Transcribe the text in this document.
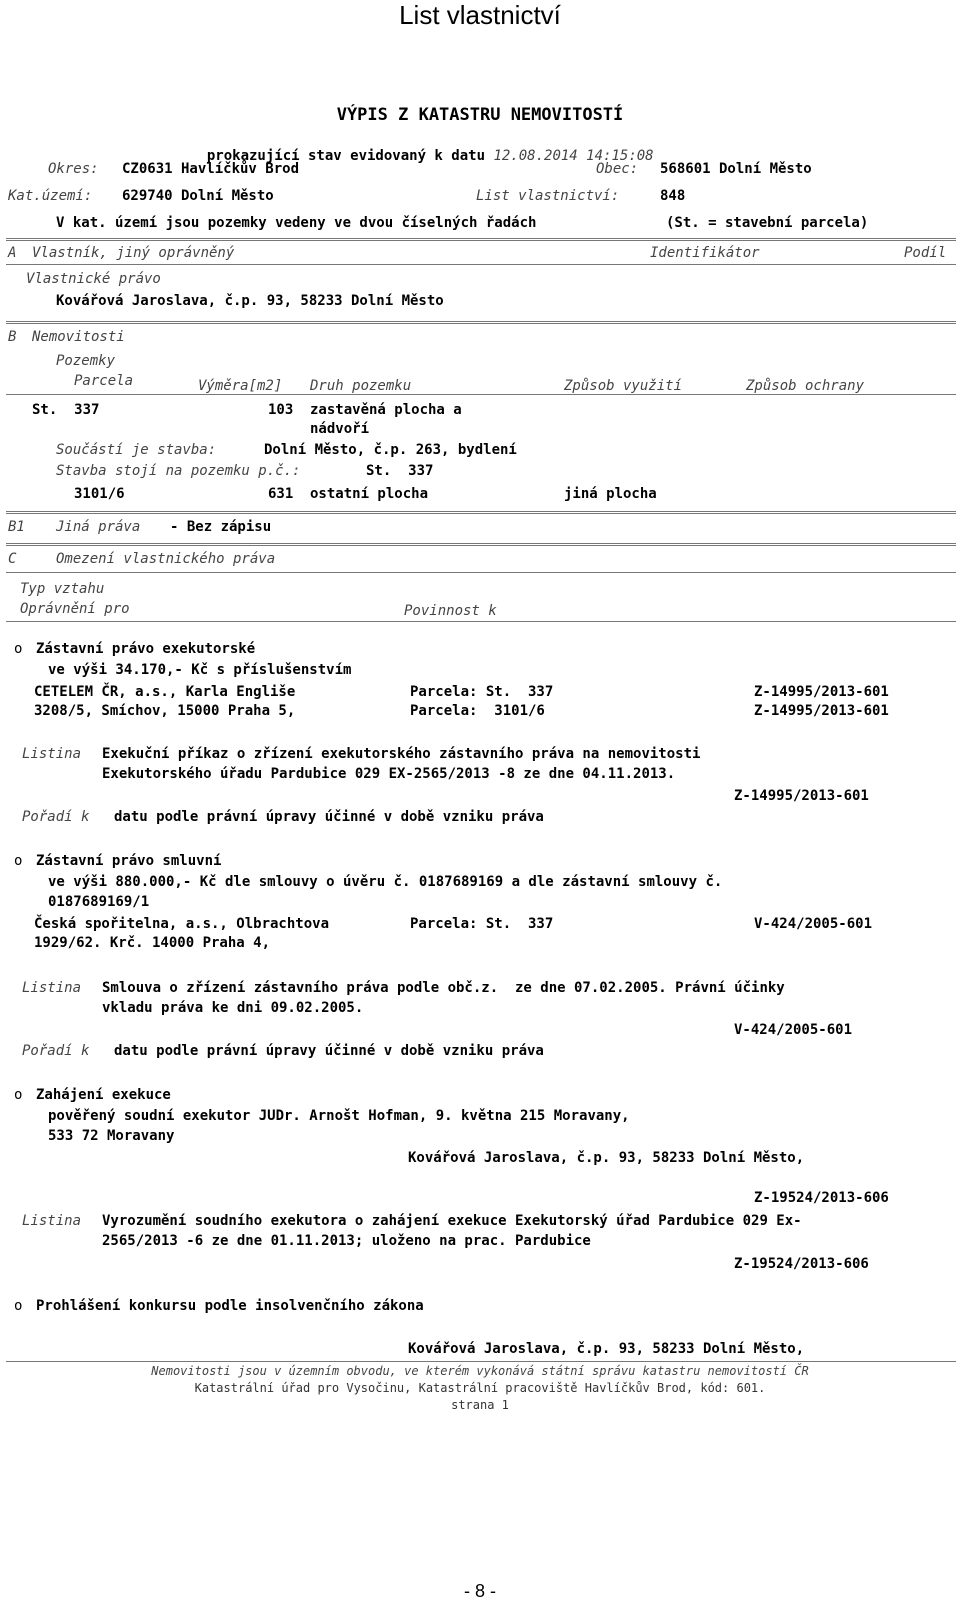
List vlastnictví
VÝPIS Z KATASTRU NEMOVITOSTÍ

prokazující stav evidovaný k datu 12.08.2014 14:15:08

Okres: CZ0631 Havlíčkův Brod	Obec: 568601 Dolní Město
Kat.území: 629740 Dolní Město	List vlastnictví:	848
V kat. území jsou pozemky vedeny ve dvou číselných řadách	(St. = stavební parcela)
A Vlastník, jiný oprávněný	Identifikátor	Podíl
Vlastnické právo
Kovářová Jaroslava, č.p. 93, 58233 Dolní Město
B Nemovitosti
Pozemky
Parcela	Výměra[m2] Druh pozemku	Způsob využití	Způsob ochrany
St.  337	103 zastavěná plocha a
nádvoří
Součástí je stavba:	Dolní Město, č.p. 263, bydlení
Stavba stojí na pozemku p.č.:	St.  337
3101/6	631 ostatní plocha	jiná plocha
B1 Jiná práva - Bez zápisu
C	Omezení vlastnického práva
Typ vztahu
Oprávnění pro	Povinnost k
o Zástavní právo exekutorské
ve výši 34.170,- Kč s příslušenstvím
CETELEM ČR, a.s., Karla Engliše	Parcela: St.  337	Z-14995/2013-601
3208/5, Smíchov, 15000 Praha 5,	Parcela:  3101/6	Z-14995/2013-601
Listina Exekuční příkaz o zřízení exekutorského zástavního práva na nemovitosti
Exekutorského úřadu Pardubice 029 EX-2565/2013 -8 ze dne 04.11.2013.
Z-14995/2013-601
Pořadí k datu podle právní úpravy účinné v době vzniku práva
o Zástavní právo smluvní
ve výši 880.000,- Kč dle smlouvy o úvěru č. 0187689169 a dle zástavní smlouvy č.
0187689169/1
Česká spořitelna, a.s., Olbrachtova	Parcela: St.  337	V-424/2005-601
1929/62. Krč. 14000 Praha 4,
Listina Smlouva o zřízení zástavního práva podle obč.z.  ze dne 07.02.2005. Právní účinky
vkladu práva ke dni 09.02.2005.
V-424/2005-601
Pořadí k datu podle právní úpravy účinné v době vzniku práva
o Zahájení exekuce
pověřený soudní exekutor JUDr. Arnošt Hofman, 9. května 215 Moravany,
533 72 Moravany
Kovářová Jaroslava, č.p. 93, 58233 Dolní Město,
Z-19524/2013-606
Listina Vyrozumění soudního exekutora o zahájení exekuce Exekutorský úřad Pardubice 029 Ex-
2565/2013 -6 ze dne 01.11.2013; uloženo na prac. Pardubice
Z-19524/2013-606
o Prohlášení konkursu podle insolvenčního zákona
Kovářová Jaroslava, č.p. 93, 58233 Dolní Město,
Nemovitosti jsou v územním obvodu, ve kterém vykonává státní správu katastru nemovitostí ČR
Katastrální úřad pro Vysočinu, Katastrální pracoviště Havlíčkův Brod, kód: 601.
strana 1
- 8 -
